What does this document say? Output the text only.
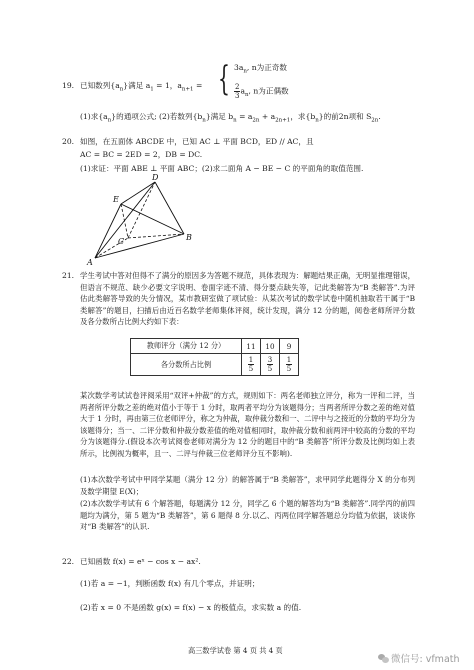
19. 已知数列$\{a_n\}$满足 $a_1 = 1$，$a_{n+1}$ = { $3a_n$, n为正奇数
$\frac{2}{3} a_n$, n为正偶数
(1)求$\{a_n\}$的通项公式; (2)若数列$\{b_n\}$满足 $b_n = a_{2n} + a_{2n+1}$，求$\{b_n\}$的前2n项和 $S_{2n}$.
20. 如图，在五面体 ABCDE 中，已知 AC ⊥ 平面 BCD，ED // AC，且
AC = BC = 2ED = 2，DB = DC.
(1)求证：平面 ABE ⊥ 平面 ABC；(2)求二面角 A − BE − C 的平面角的取值范围.
D
E
C	B
A
21. 学生考试中答对但得不了满分的原因多为答题不规范，具体表现为：解题结果正确，无明显推理错误，但语言不规范、缺少必要文字说明、卷面字迹不清、得分要点缺失等，记此类解答为“B 类解答”.为评估此类解答导致的失分情况，某市教研室做了项试验：从某次考试的数学试卷中随机抽取若干属于“B 类解答”的题目，扫描后由近百名数学老师集体评阅，统计发现，满分 12 分的题，阅卷老师所评分数及各分数所占比例大约如下表：
教师评分（满分 12 分）	11	10	9
各分数所占比例	$\frac{1}{5}$	$\frac{3}{5}$	$\frac{1}{5}$
某次数学考试试卷评阅采用“双评+仲裁”的方式，规则如下：两名老师独立评分，称为一评和二评，当两者所评分数之差的绝对值小于等于 1 分时，取两者平均分为该题得分；当两者所评分数之差的绝对值大于 1 分时，再由第三位老师评分，称之为仲裁，取仲裁分数和一、二评中与之接近的分数的平均分为该题得分；当一、二评分数和仲裁分数差值的绝对值相同时，取仲裁分数和前两评中较高的分数的平均分为该题得分.(假设本次考试阅卷老师对满分为 12 分的题目中的“B 类解答”所评分数及比例均如上表所示，比例视为概率，且一、二评与仲裁三位老师评分互不影响).
(1)本次数学考试中甲同学某题（满分 12 分）的解答属于“B 类解答”，求甲同学此题得分 X 的分布列及数学期望 E(X)；
(2)本次数学考试有 6 个解答题，每题满分 12 分，同学乙 6 个题的解答均为“B 类解答”.同学丙的前四题均为满分，第 5 题为“B 类解答”，第 6 题得 8 分.以乙、丙两位同学解答题总分均值为依据，谈谈你对“B 类解答”的认识.
22. 已知函数 f(x) = eˣ − cos x − ax².
(1)若 a = −1，判断函数 f(x) 有几个零点，并证明；
(2)若 x = 0 不是函数 g(x) = f(x) − x 的极值点，求实数 a 的值.
高三数学试卷 第 4 页 共 4 页
微信号: vfmath
